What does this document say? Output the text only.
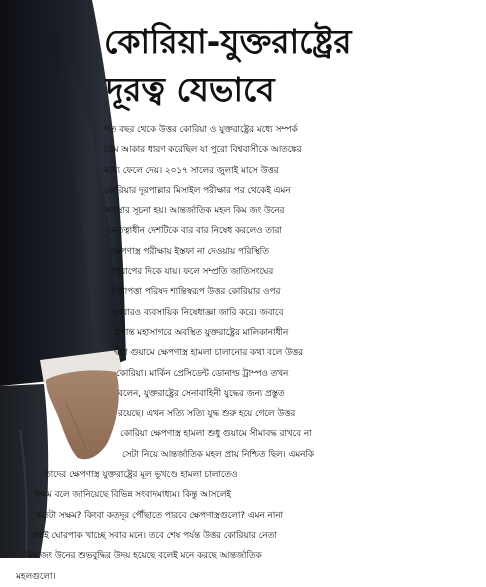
কোরিয়া-যুক্তরাষ্ট্রের
দূরত্ব যেভাবে
গত বছর থেকে উত্তর কোরিয়া ও যুক্তরাষ্ট্রের মধ্যে সম্পর্ক
চরম আকার ধারণ করেছিল যা পুরো বিশ্ববাসীকে আতঙ্কের
মধ্যে ফেলে দেয়। ২০১৭ সালের জুলাই মাসে উত্তর
কোরিয়ার দূরপাল্লার মিসাইল পরীক্ষার পর থেকেই এমন
অবস্থার সূচনা হয়। আন্তর্জাতিক মহল কিম জং উনের
নেতৃত্বাধীন দেশটিকে বার বার নিষেধ করলেও তারা
ক্ষেপণাস্ত্র পরীক্ষায় ইস্তফা না দেওয়ায় পরিস্থিতি
খারাপের দিকে যায়। ফলে সম্প্রতি জাতিসংঘের
নিরাপত্তা পরিষদ শান্তিস্বরূপ উত্তর কোরিয়ার ওপর
আবারও ব্যবসায়িক নিষেধাজ্ঞা জারি করে। জবাবে
প্রশান্ত মহাসাগরে অবস্থিত যুক্তরাষ্ট্রের মালিকানাধীন
দ্বীপ গুয়ামে ক্ষেপণাস্ত্র হামলা চালানোর কথা বলে উত্তর
কোরিয়া। মার্কিন প্রেসিডেন্ট ডোনাল্ড ট্রাম্পও তখন
বলেন, যুক্তরাষ্ট্রের সেনাবাহিনী যুদ্ধের জন্য প্রস্তুত
রয়েছে। এখন সত্যি সত্যি যুদ্ধ শুরু হয়ে গেলে উত্তর
কোরিয়া ক্ষেপণাস্ত্র হামলা শুধু গুয়ামে সীমাবদ্ধ রাখবে না
সেটা নিয়ে আন্তর্জাতিক মহল প্রায় নিশ্চিত ছিল। এমনকি
তাদের ক্ষেপণাস্ত্র যুক্তরাষ্ট্রের মূল ভূখণ্ডে হামলা চালাতেও
সক্ষম বলে জানিয়েছে বিভিন্ন সংবাদমাধ্যম। কিন্তু আসলেই
কতটা সক্ষম? কিংবা কতদূর পৌঁছাতে পারবে ক্ষেপণাস্ত্রগুলো? এমন নানা
প্রশ্নই ঘোরপাক খাচ্ছে সবার মনে। তবে শেষ পর্যন্ত উত্তর কোরিয়ার নেতা
কিম জং উনের শুভবুদ্ধির উদয় হয়েছে বলেই মনে করছে আন্তর্জাতিক
মহলগুলো।
